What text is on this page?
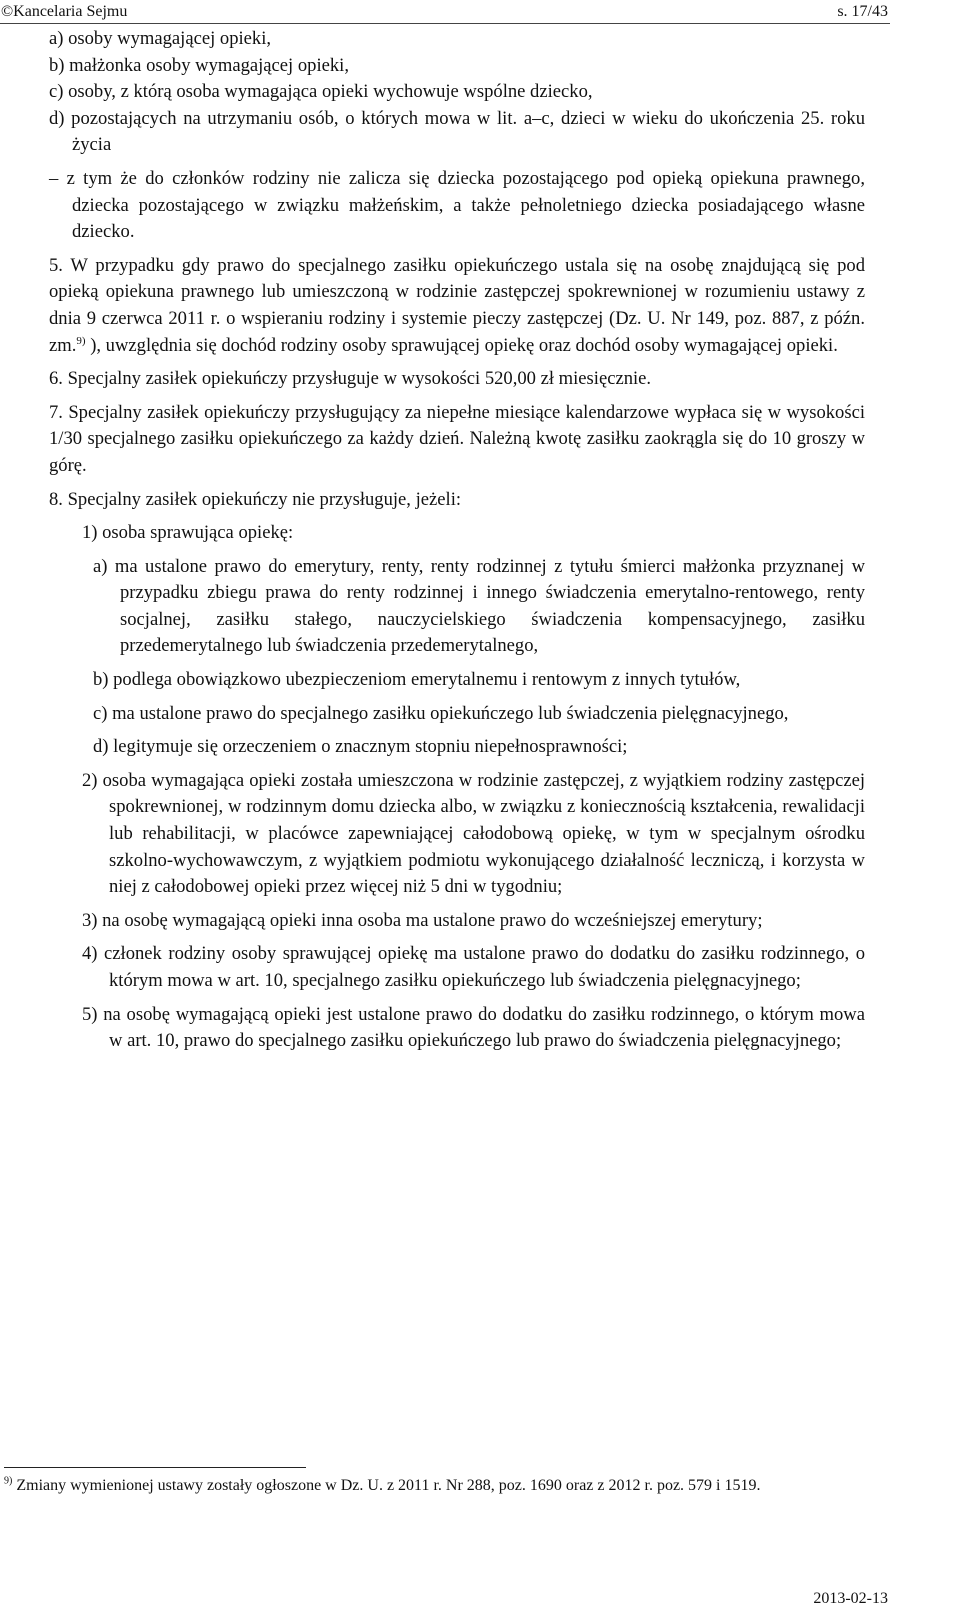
©Kancelaria Sejmu	s. 17/43
a) osoby wymagającej opieki,
b) małżonka osoby wymagającej opieki,
c) osoby, z którą osoba wymagająca opieki wychowuje wspólne dziecko,
d) pozostających na utrzymaniu osób, o których mowa w lit. a–c, dzieci w wieku do ukończenia 25. roku życia
– z tym że do członków rodziny nie zalicza się dziecka pozostającego pod opieką opiekuna prawnego, dziecka pozostającego w związku małżeńskim, a także pełnoletniego dziecka posiadającego własne dziecko.
5. W przypadku gdy prawo do specjalnego zasiłku opiekuńczego ustala się na osobę znajdującą się pod opieką opiekuna prawnego lub umieszczoną w rodzinie zastępczej spokrewnionej w rozumieniu ustawy z dnia 9 czerwca 2011 r. o wspieraniu rodziny i systemie pieczy zastępczej (Dz. U. Nr 149, poz. 887, z późn. zm.$^{9)}$ ), uwzględnia się dochód rodziny osoby sprawującej opiekę oraz dochód osoby wymagającej opieki.
6. Specjalny zasiłek opiekuńczy przysługuje w wysokości 520,00 zł miesięcznie.
7. Specjalny zasiłek opiekuńczy przysługujący za niepełne miesiące kalendarzowe wypłaca się w wysokości 1/30 specjalnego zasiłku opiekuńczego za każdy dzień. Należną kwotę zasiłku zaokrągla się do 10 groszy w górę.
8. Specjalny zasiłek opiekuńczy nie przysługuje, jeżeli:
1) osoba sprawująca opiekę:
a) ma ustalone prawo do emerytury, renty, renty rodzinnej z tytułu śmierci małżonka przyznanej w przypadku zbiegu prawa do renty rodzinnej i innego świadczenia emerytalno-rentowego, renty socjalnej, zasiłku stałego, nauczycielskiego świadczenia kompensacyjnego, zasiłku przedemerytalnego lub świadczenia przedemerytalnego,
b) podlega obowiązkowo ubezpieczeniom emerytalnemu i rentowym z innych tytułów,
c) ma ustalone prawo do specjalnego zasiłku opiekuńczego lub świadczenia pielęgnacyjnego,
d) legitymuje się orzeczeniem o znacznym stopniu niepełnosprawności;
2) osoba wymagająca opieki została umieszczona w rodzinie zastępczej, z wyjątkiem rodziny zastępczej spokrewnionej, w rodzinnym domu dziecka albo, w związku z koniecznością kształcenia, rewalidacji lub rehabilitacji, w placówce zapewniającej całodobową opiekę, w tym w specjalnym ośrodku szkolno-wychowawczym, z wyjątkiem podmiotu wykonującego działalność leczniczą, i korzysta w niej z całodobowej opieki przez więcej niż 5 dni w tygodniu;
3) na osobę wymagającą opieki inna osoba ma ustalone prawo do wcześniejszej emerytury;
4) członek rodziny osoby sprawującej opiekę ma ustalone prawo do dodatku do zasiłku rodzinnego, o którym mowa w art. 10, specjalnego zasiłku opiekuńczego lub świadczenia pielęgnacyjnego;
5) na osobę wymagającą opieki jest ustalone prawo do dodatku do zasiłku rodzinnego, o którym mowa w art. 10, prawo do specjalnego zasiłku opiekuńczego lub prawo do świadczenia pielęgnacyjnego;
$^{9)}$ Zmiany wymienionej ustawy zostały ogłoszone w Dz. U. z 2011 r. Nr 288, poz. 1690 oraz z 2012 r. poz. 579 i 1519.
2013-02-13
